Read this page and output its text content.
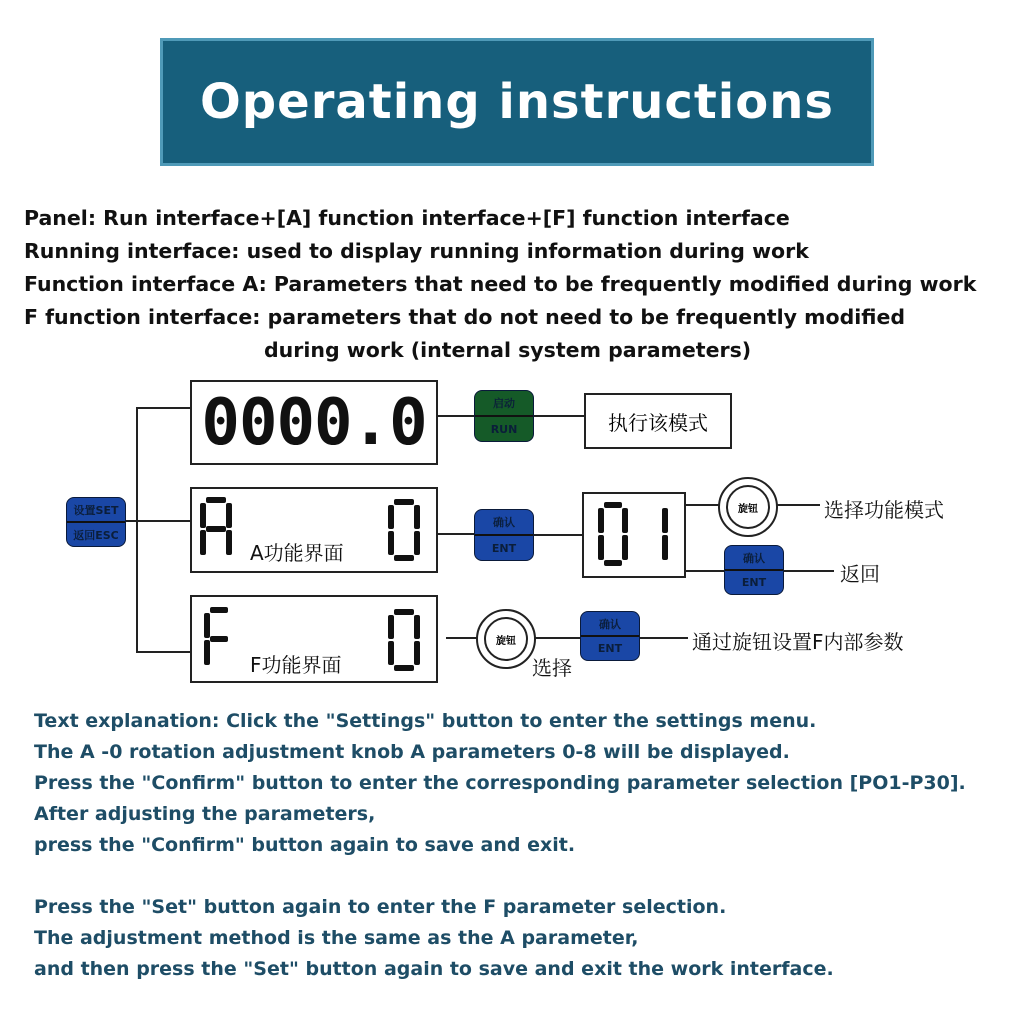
Operating instructions
Panel: Run interface+[A] function interface+[F] function interface
Running interface: used to display running information during work
Function interface A: Parameters that need to be frequently modified during work
F function interface: parameters that do not need to be frequently modified
during work (internal system parameters)
设置SET
返回ESC
0000.0	启动
RUN	执行该模式
A功能界面
确认
ENT
旋钮	选择功能模式
确认
ENT	返回
F功能界面
旋钮
选择
确认
ENT	通过旋钮设置F内部参数
Text explanation: Click the "Settings" button to enter the settings menu.
The A -0 rotation adjustment knob A parameters 0-8 will be displayed.
Press the "Confirm" button to enter the corresponding parameter selection [PO1-P30].
After adjusting the parameters,
press the "Confirm" button again to save and exit.
Press the "Set" button again to enter the F parameter selection.
The adjustment method is the same as the A parameter,
and then press the "Set" button again to save and exit the work interface.
